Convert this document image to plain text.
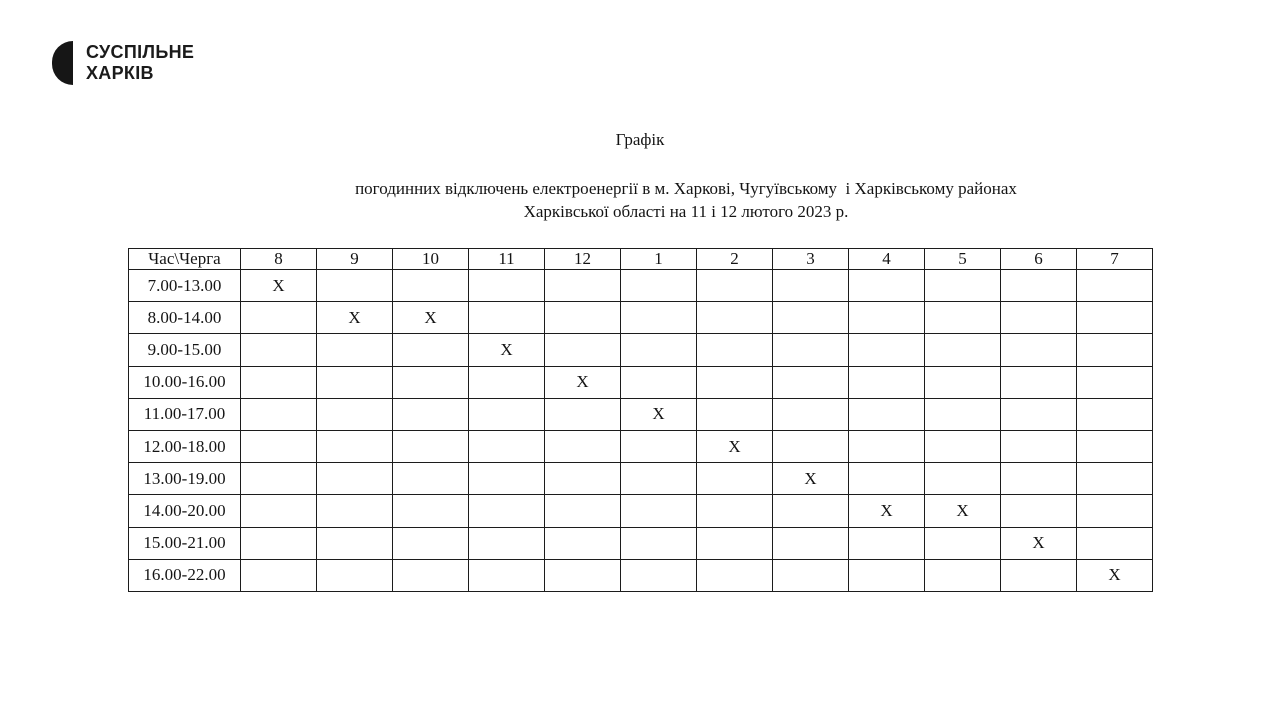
СУСПІЛЬНЕ
ХАРКІВ
Графік
погодинних відключень електроенергії в м. Харкові, Чугуївському  і Харківському районах
Харківської області на 11 і 12 лютого 2023 р.
Час\Черга	8	9	10	11	12	1	2	3	4	5	6	7
7.00-13.00	X											
8.00-14.00		X	X									
9.00-15.00				X								
10.00-16.00					X							
11.00-17.00						X						
12.00-18.00							X					
13.00-19.00								X				
14.00-20.00									X	X		
15.00-21.00											X	
16.00-22.00												X
